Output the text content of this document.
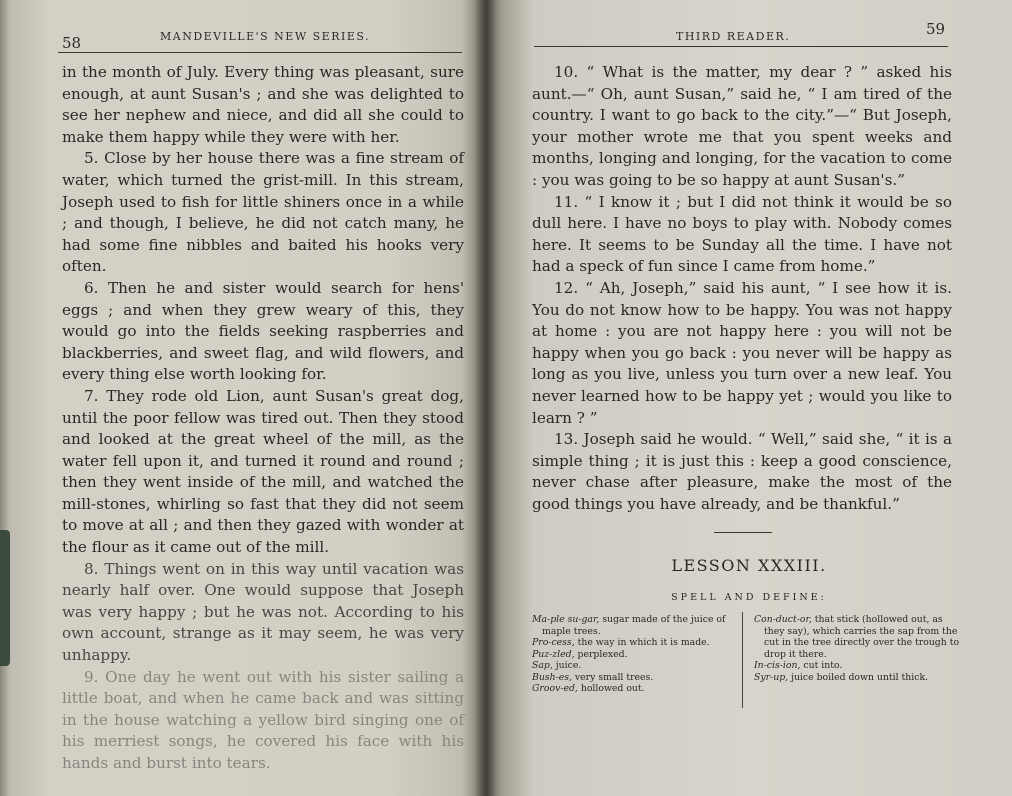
58	MANDEVILLE'S NEW SERIES.

in the month of July. Every thing was pleasant, sure enough, at aunt Susan's ; and she was delighted to see her nephew and niece, and did all she could to make them happy while they were with her.

5. Close by her house there was a fine stream of water, which turned the grist-mill. In this stream, Joseph used to fish for little shiners once in a while ; and though, I believe, he did not catch many, he had some fine nibbles and baited his hooks very often.

6. Then he and sister would search for hens' eggs ; and when they grew weary of this, they would go into the fields seeking raspberries and blackberries, and sweet flag, and wild flowers, and every thing else worth looking for.

7. They rode old Lion, aunt Susan's great dog, until the poor fellow was tired out. Then they stood and looked at the great wheel of the mill, as the water fell upon it, and turned it round and round ; then they went inside of the mill, and watched the mill-stones, whirling so fast that they did not seem to move at all ; and then they gazed with wonder at the flour as it came out of the mill.

8. Things went on in this way until vacation was nearly half over. One would suppose that Joseph was very happy ; but he was not. According to his own account, strange as it may seem, he was very unhappy.

9. One day he went out with his sister sailing a little boat, and when he came back and was sitting in the house watching a yellow bird singing one of his merriest songs, he covered his face with his hands and burst into tears.

THIRD READER.	59

10. “ What is the matter, my dear ? ” asked his aunt.—“ Oh, aunt Susan,” said he, “ I am tired of the country. I want to go back to the city.”—“ But Joseph, your mother wrote me that you spent weeks and months, longing and longing, for the vacation to come : you was going to be so happy at aunt Susan's.”

11. “ I know it ; but I did not think it would be so dull here. I have no boys to play with. Nobody comes here. It seems to be Sunday all the time. I have not had a speck of fun since I came from home.”

12. “ Ah, Joseph,” said his aunt, “ I see how it is. You do not know how to be happy. You was not happy at home : you are not happy here : you will not be happy when you go back : you never will be happy as long as you live, unless you turn over a new leaf. You never learned how to be happy yet ; would you like to learn ? ”

13. Joseph said he would. “ Well,” said she, “ it is a simple thing ; it is just this : keep a good conscience, never chase after pleasure, make the most of the good things you have already, and be thankful.”

LESSON XXXIII.
SPELL AND DEFINE:
Ma-ple su-gar, sugar made of the juice of maple trees.
Pro-cess, the way in which it is made.
Puz-zled, perplexed.
Sap, juice.
Bush-es, very small trees.
Groov-ed, hollowed out.
Con-duct-or, that stick (hollowed out, as they say), which carries the sap from the cut in the tree directly over the trough to drop it there.
In-cis-ion, cut into.
Syr-up, juice boiled down until thick.
